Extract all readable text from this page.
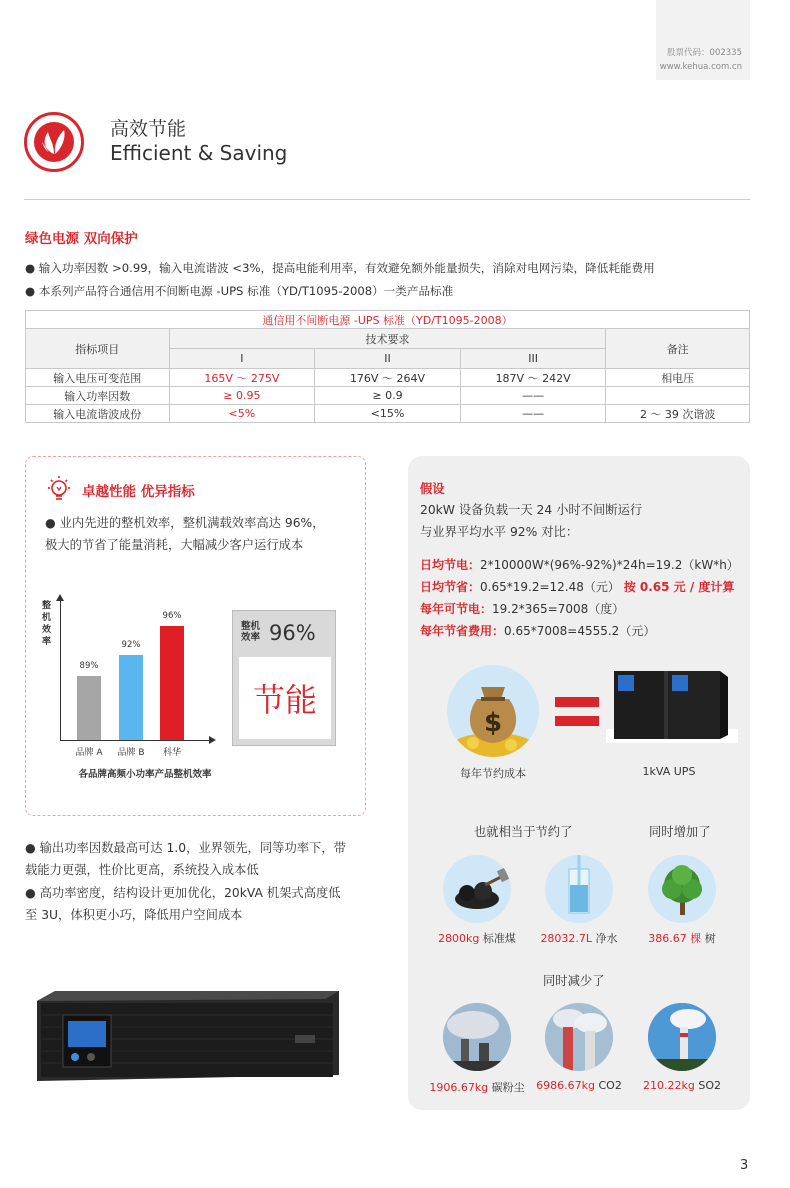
股票代码：002335
www.kehua.com.cn
高效节能
Efficient & Saving
绿色电源 双向保护
● 输入功率因数 >0.99，输入电流谐波 <3%，提高电能利用率，有效避免额外能量损失，消除对电网污染，降低耗能费用
● 本系列产品符合通信用不间断电源 -UPS 标准（YD/T1095-2008）一类产品标准
通信用不间断电源 -UPS 标准（YD/T1095-2008）				
指标项目	技术要求			备注
	I	II	III	
输入电压可变范围	165V ～ 275V	176V ～ 264V	187V ～ 242V	相电压
输入功率因数	≥ 0.95	≥ 0.9	——	
输入电流谐波成份	<5%	<15%	——	2 ～ 39 次谐波
卓越性能 优异指标
● 业内先进的整机效率，整机满载效率高达 96%，
极大的节省了能量消耗，大幅减少客户运行成本
整机效率
89%
品牌 A
92%
品牌 B
96%
科华
各品牌高频小功率产品整机效率
整机效率 96%
节能
● 输出功率因数最高可达 1.0，业界领先，同等功率下，带
载能力更强，性价比更高，系统投入成本低
● 高功率密度，结构设计更加优化，20kVA 机架式高度低
至 3U，体积更小巧，降低用户空间成本
假设
20kW 设备负载一天 24 小时不间断运行
与业界平均水平 92% 对比：
日均节电：2*10000W*(96%-92%)*24h=19.2（kW*h）
日均节省：0.65*19.2=12.48（元） 按 0.65 元 / 度计算
每年可节电：19.2*365=7008（度）
每年节省费用：0.65*7008=4555.2（元）
$
每年节约成本	1kVA UPS
也就相当于节约了	同时增加了
2800kg 标准煤	28032.7L 净水	386.67 棵 树
同时减少了
1906.67kg 碳粉尘	6986.67kg CO2	210.22kg SO2
3
